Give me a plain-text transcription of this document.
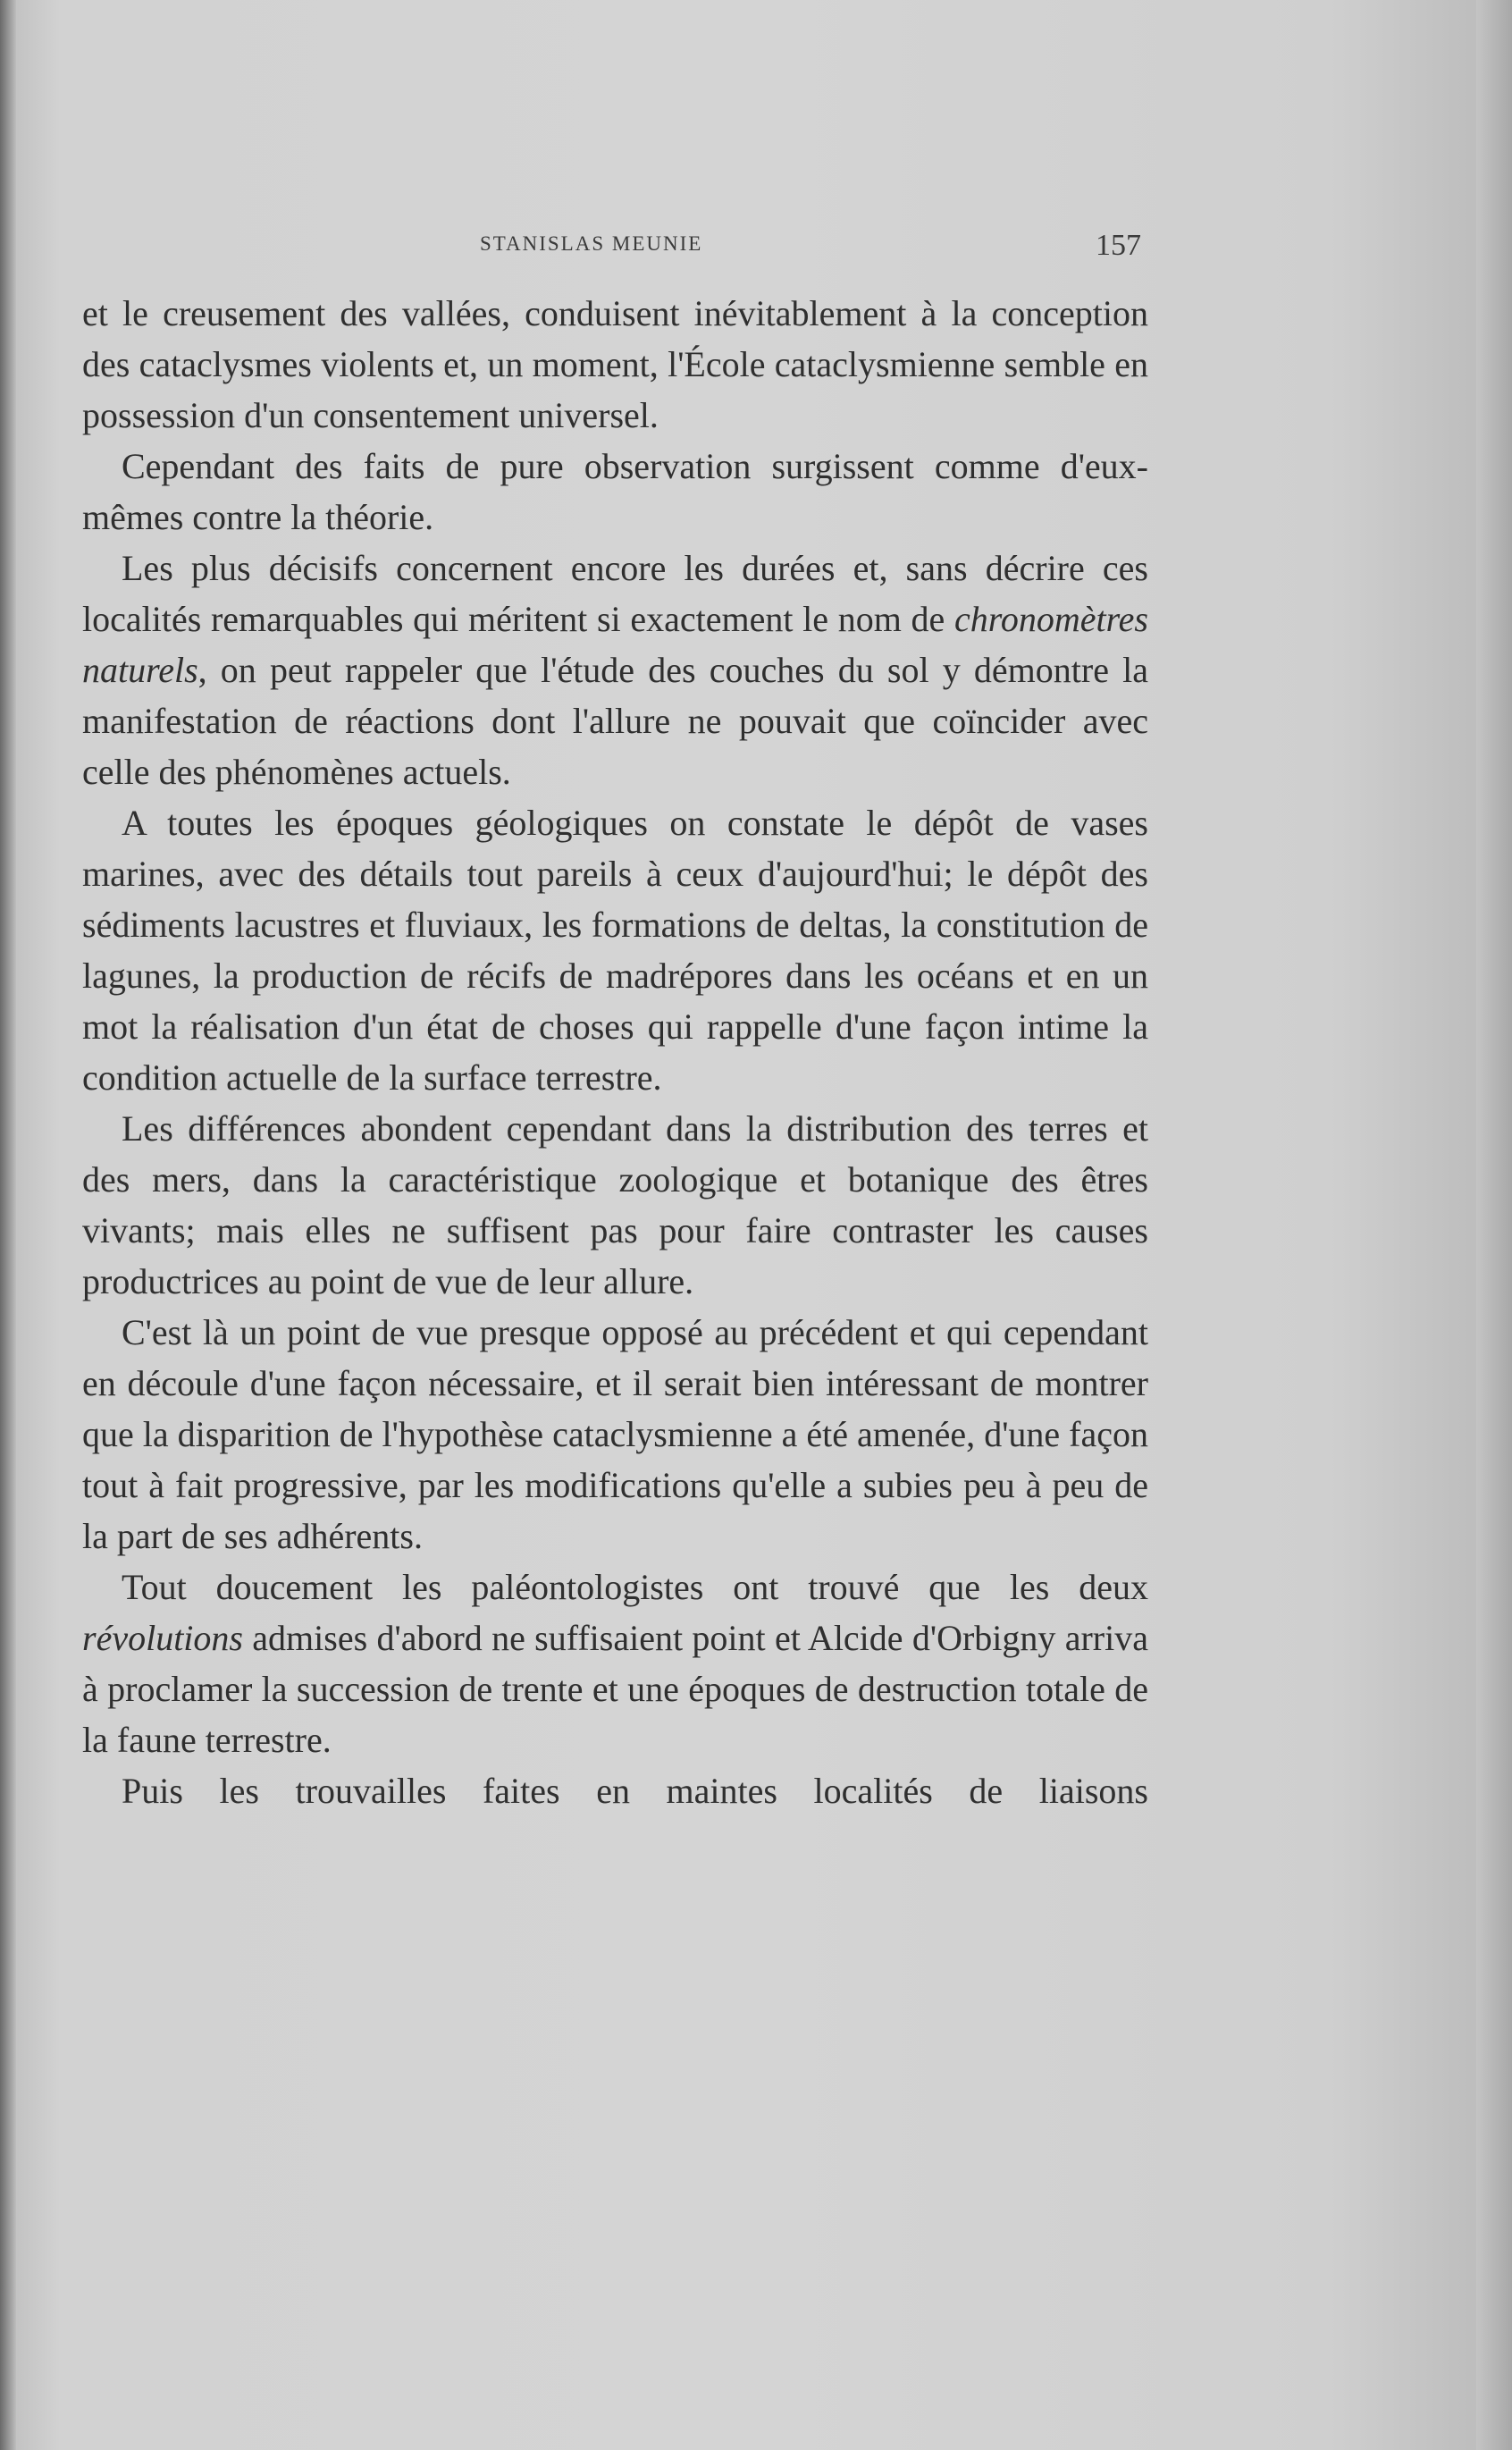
STANISLAS MEUNIE	157

et le creusement des vallées, conduisent inévitablement à la conception des cataclysmes violents et, un moment, l'École cataclysmienne semble en possession d'un consentement universel.

Cependant des faits de pure observation surgissent comme d'eux-mêmes contre la théorie.

Les plus décisifs concernent encore les durées et, sans décrire ces localités remarquables qui méritent si exactement le nom de chronomètres naturels, on peut rappeler que l'étude des couches du sol y démontre la manifestation de réactions dont l'allure ne pouvait que coïncider avec celle des phénomènes actuels.

A toutes les époques géologiques on constate le dépôt de vases marines, avec des détails tout pareils à ceux d'aujourd'hui; le dépôt des sédiments lacustres et fluviaux, les formations de deltas, la constitution de lagunes, la production de récifs de madrépores dans les océans et en un mot la réalisation d'un état de choses qui rappelle d'une façon intime la condition actuelle de la surface terrestre.

Les différences abondent cependant dans la distribution des terres et des mers, dans la caractéristique zoologique et botanique des êtres vivants; mais elles ne suffisent pas pour faire contraster les causes productrices au point de vue de leur allure.

C'est là un point de vue presque opposé au précédent et qui cependant en découle d'une façon nécessaire, et il serait bien intéressant de montrer que la disparition de l'hypothèse cataclysmienne a été amenée, d'une façon tout à fait progressive, par les modifications qu'elle a subies peu à peu de la part de ses adhérents.

Tout doucement les paléontologistes ont trouvé que les deux révolutions admises d'abord ne suffisaient point et Alcide d'Orbigny arriva à proclamer la succession de trente et une époques de destruction totale de la faune terrestre.

Puis les trouvailles faites en maintes localités de liaisons
